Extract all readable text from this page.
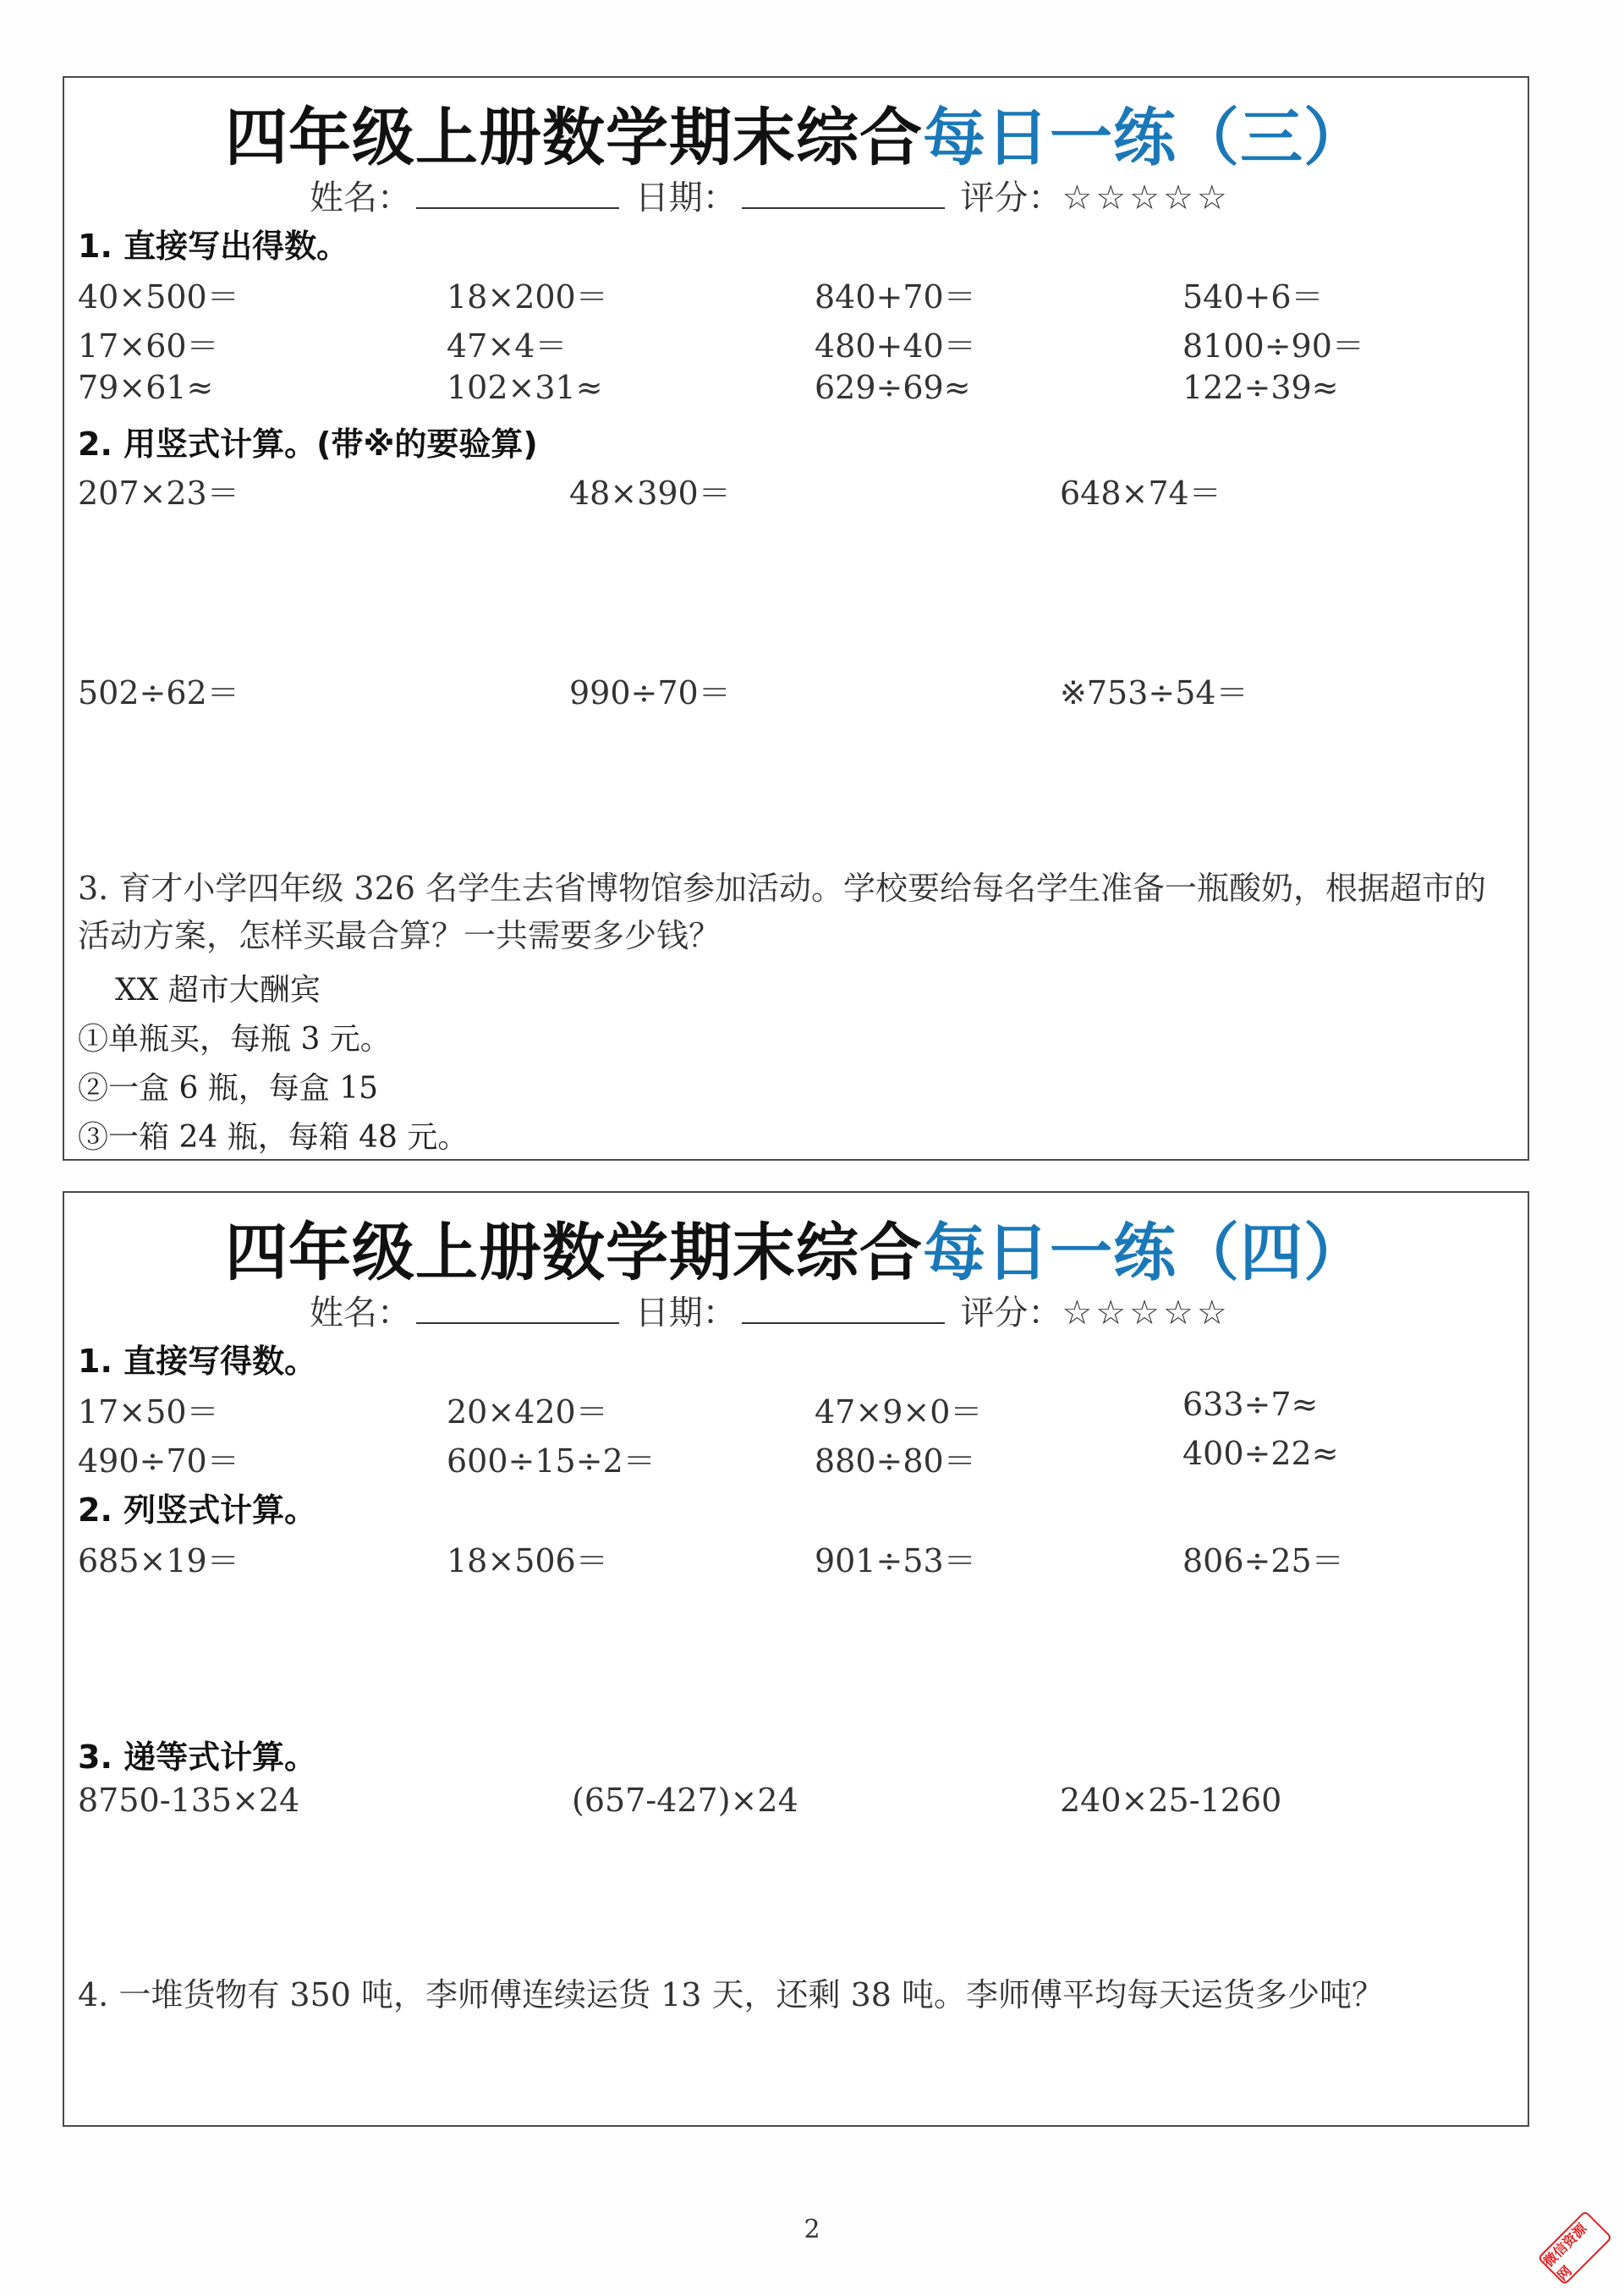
四年级上册数学期末综合每日一练（三）
姓名：	日期：	评分：☆☆☆☆☆
1. 直接写出得数。
40×500＝	18×200＝	840+70＝	540+6＝
17×60＝	47×4＝	480+40＝	8100÷90＝
79×61≈	102×31≈	629÷69≈	122÷39≈
2. 用竖式计算。(带※的要验算)
207×23＝	48×390＝	648×74＝
502÷62＝	990÷70＝	※753÷54＝
3. 育才小学四年级 326 名学生去省博物馆参加活动。学校要给每名学生准备一瓶酸奶，根据超市的活动方案，怎样买最合算？一共需要多少钱？
XX 超市大酬宾
①单瓶买，每瓶 3 元。
②一盒 6 瓶，每盒 15
③一箱 24 瓶，每箱 48 元。
四年级上册数学期末综合每日一练（四）
姓名：	日期：	评分：☆☆☆☆☆
1. 直接写得数。
17×50＝	20×420＝	47×9×0＝	633÷7≈
490÷70＝	600÷15÷2＝	880÷80＝	400÷22≈
2. 列竖式计算。
685×19＝	18×506＝	901÷53＝	806÷25＝
3. 递等式计算。
8750-135×24	(657-427)×24	240×25-1260
4. 一堆货物有 350 吨，李师傅连续运货 13 天，还剩 38 吨。李师傅平均每天运货多少吨？
2	微信资源网
